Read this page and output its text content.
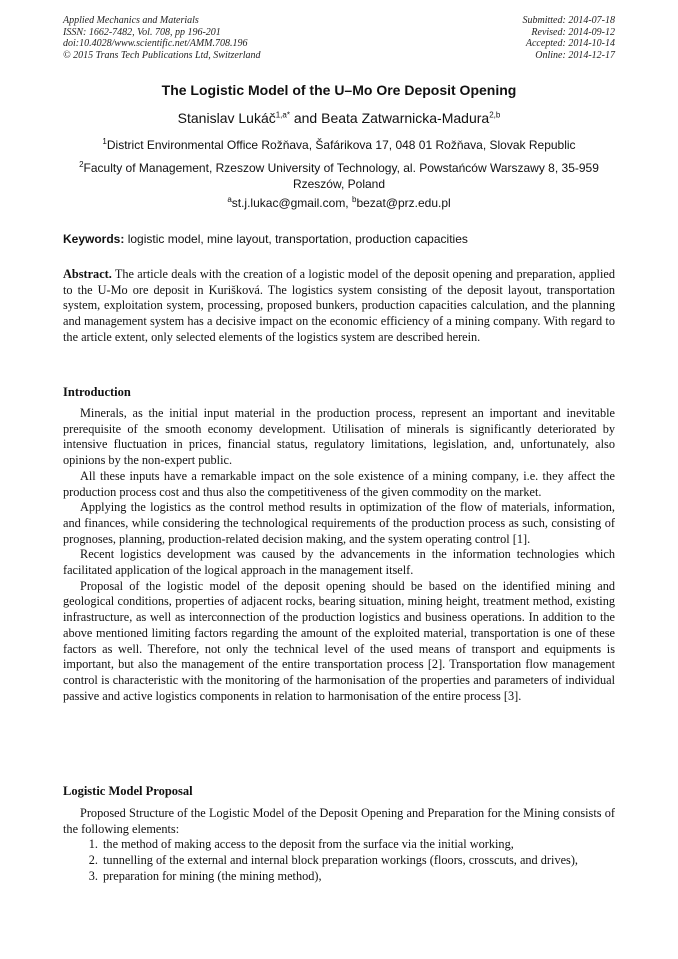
Applied Mechanics and Materials
ISSN: 1662-7482, Vol. 708, pp 196-201
doi:10.4028/www.scientific.net/AMM.708.196
© 2015 Trans Tech Publications Ltd, Switzerland
Submitted: 2014-07-18
Revised: 2014-09-12
Accepted: 2014-10-14
Online: 2014-12-17
The Logistic Model of the U–Mo Ore Deposit Opening
Stanislav Lukáč$^{1,a*}$ and Beata Zatwarnicka-Madura$^{2,b}$
$^1$District Environmental Office Rožňava, Šafárikova 17, 048 01 Rožňava, Slovak Republic
$^2$Faculty of Management, Rzeszow University of Technology, al. Powstańców Warszawy 8, 35-959
Rzeszów, Poland
$^a$st.j.lukac@gmail.com, $^b$bezat@prz.edu.pl
Keywords: logistic model, mine layout, transportation, production capacities

Abstract. The article deals with the creation of a logistic model of the deposit opening and preparation, applied to the U-Mo ore deposit in Kurišková. The logistics system consisting of the deposit layout, transportation system, exploitation system, processing, proposed bunkers, production capacities calculation, and the planning and management system has a decisive impact on the economic efficiency of a mining company. With regard to the article extent, only selected elements of the logistics system are described herein.

Introduction

Minerals, as the initial input material in the production process, represent an important and inevitable prerequisite of the smooth economy development. Utilisation of minerals is significantly deteriorated by intensive fluctuation in prices, financial status, regulatory limitations, legislation, and, unfortunately, also opinions by the non-expert public.

All these inputs have a remarkable impact on the sole existence of a mining company, i.e. they affect the production process cost and thus also the competitiveness of the given commodity on the market.

Applying the logistics as the control method results in optimization of the flow of materials, information, and finances, while considering the technological requirements of the production process as such, consisting of prognoses, planning, production-related decision making, and the system operating control [1].

Recent logistics development was caused by the advancements in the information technologies which facilitated application of the logical approach in the management itself.

Proposal of the logistic model of the deposit opening should be based on the identified mining and geological conditions, properties of adjacent rocks, bearing situation, mining height, treatment method, existing infrastructure, as well as interconnection of the production logistics and business operations. In addition to the above mentioned limiting factors regarding the amount of the exploited material, transportation is one of these factors as well. Therefore, not only the technical level of the used means of transport and equipments is important, but also the management of the entire transportation process [2]. Transportation flow management control is characteristic with the monitoring of the harmonisation of the properties and parameters of individual passive and active logistics components in relation to harmonisation of the entire process [3].

Logistic Model Proposal

Proposed Structure of the Logistic Model of the Deposit Opening and Preparation for the Mining consists of the following elements:

1. the method of making access to the deposit from the surface via the initial working,
2. tunnelling of the external and internal block preparation workings (floors, crosscuts, and drives),
3. preparation for mining (the mining method),
